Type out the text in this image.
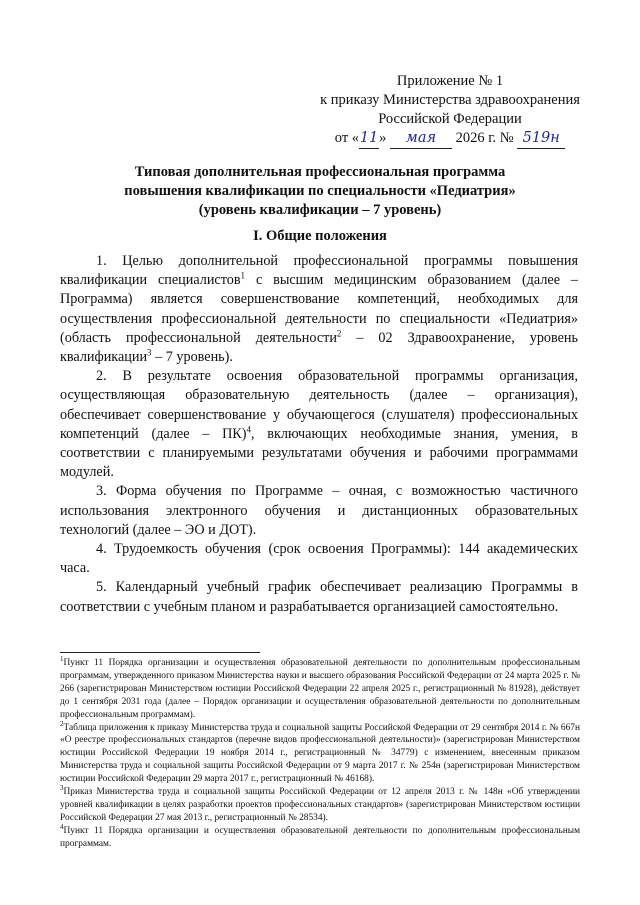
Приложение № 1
к приказу Министерства здравоохранения
Российской Федерации
от «11» мая 2026 г. № 519н
Типовая дополнительная профессиональная программа
повышения квалификации по специальности «Педиатрия»
(уровень квалификации – 7 уровень)
I. Общие положения

1. Целью дополнительной профессиональной программы повышения квалификации специалистов$^1$ с высшим медицинским образованием (далее – Программа) является совершенствование компетенций, необходимых для осуществления профессиональной деятельности по специальности «Педиатрия» (область профессиональной деятельности$^2$ – 02 Здравоохранение, уровень квалификации$^3$ – 7 уровень).

2. В результате освоения образовательной программы организация, осуществляющая образовательную деятельность (далее – организация), обеспечивает совершенствование у обучающегося (слушателя) профессиональных компетенций (далее – ПК)$^4$, включающих необходимые знания, умения, в соответствии с планируемыми результатами обучения и рабочими программами модулей.

3. Форма обучения по Программе – очная, с возможностью частичного использования электронного обучения и дистанционных образовательных технологий (далее – ЭО и ДОТ).

4. Трудоемкость обучения (срок освоения Программы): 144 академических часа.

5. Календарный учебный график обеспечивает реализацию Программы в соответствии с учебным планом и разрабатывается организацией самостоятельно.

$^1$Пункт 11 Порядка организации и осуществления образовательной деятельности по дополнительным профессиональным программам, утвержденного приказом Министерства науки и высшего образования Российской Федерации от 24 марта 2025 г. № 266 (зарегистрирован Министерством юстиции Российской Федерации 22 апреля 2025 г., регистрационный № 81928), действует до 1 сентября 2031 года (далее – Порядок организации и осуществления образовательной деятельности по дополнительным профессиональным программам).

$^2$Таблица приложения к приказу Министерства труда и социальной защиты Российской Федерации от 29 сентября 2014 г. № 667н «О реестре профессиональных стандартов (перечне видов профессиональной деятельности)» (зарегистрирован Министерством юстиции Российской Федерации 19 ноября 2014 г., регистрационный № 34779) с изменением, внесенным приказом Министерства труда и социальной защиты Российской Федерации от 9 марта 2017 г. № 254н (зарегистрирован Министерством юстиции Российской Федерации 29 марта 2017 г., регистрационный № 46168).

$^3$Приказ Министерства труда и социальной защиты Российской Федерации от 12 апреля 2013 г. № 148н «Об утверждении уровней квалификации в целях разработки проектов профессиональных стандартов» (зарегистрирован Министерством юстиции Российской Федерации 27 мая 2013 г., регистрационный № 28534).

$^4$Пункт 11 Порядка организации и осуществления образовательной деятельности по дополнительным профессиональным программам.
